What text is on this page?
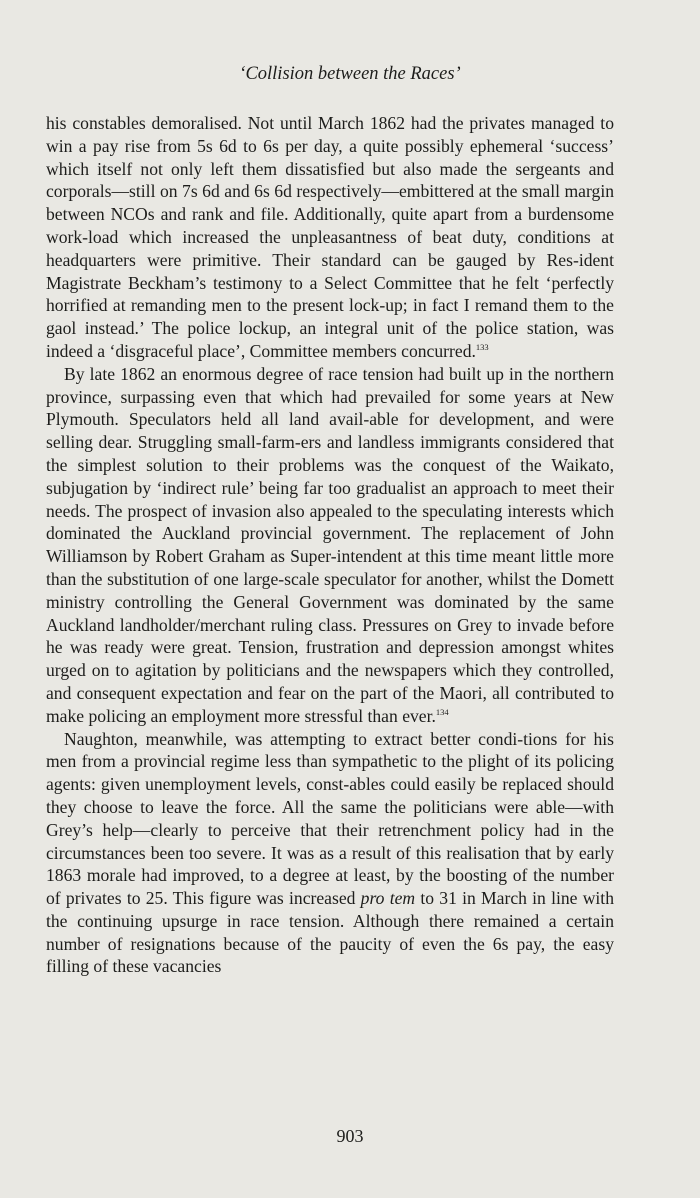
‘Collision between the Races’

his constables demoralised. Not until March 1862 had the privates managed to win a pay rise from 5s 6d to 6s per day, a quite possibly ephemeral ‘success’ which itself not only left them dissatisfied but also made the sergeants and corporals—still on 7s 6d and 6s 6d respectively—embittered at the small margin between NCOs and rank and file. Additionally, quite apart from a burdensome work-load which increased the unpleasantness of beat duty, conditions at headquarters were primitive. Their standard can be gauged by Res-ident Magistrate Beckham’s testimony to a Select Committee that he felt ‘perfectly horrified at remanding men to the present lock-up; in fact I remand them to the gaol instead.’ The police lockup, an integral unit of the police station, was indeed a ‘disgraceful place’, Committee members concurred.$^{133}$

By late 1862 an enormous degree of race tension had built up in the northern province, surpassing even that which had prevailed for some years at New Plymouth. Speculators held all land avail-able for development, and were selling dear. Struggling small-farm-ers and landless immigrants considered that the simplest solution to their problems was the conquest of the Waikato, subjugation by ‘indirect rule’ being far too gradualist an approach to meet their needs. The prospect of invasion also appealed to the speculating interests which dominated the Auckland provincial government. The replacement of John Williamson by Robert Graham as Super-intendent at this time meant little more than the substitution of one large-scale speculator for another, whilst the Domett ministry controlling the General Government was dominated by the same Auckland landholder/merchant ruling class. Pressures on Grey to invade before he was ready were great. Tension, frustration and depression amongst whites urged on to agitation by politicians and the newspapers which they controlled, and consequent expectation and fear on the part of the Maori, all contributed to make policing an employment more stressful than ever.$^{134}$

Naughton, meanwhile, was attempting to extract better condi-tions for his men from a provincial regime less than sympathetic to the plight of its policing agents: given unemployment levels, const-ables could easily be replaced should they choose to leave the force. All the same the politicians were able—with Grey’s help—clearly to perceive that their retrenchment policy had in the circumstances been too severe. It was as a result of this realisation that by early 1863 morale had improved, to a degree at least, by the boosting of the number of privates to 25. This figure was increased pro tem to 31 in March in line with the continuing upsurge in race tension. Although there remained a certain number of resignations because of the paucity of even the 6s pay, the easy filling of these vacancies

903
